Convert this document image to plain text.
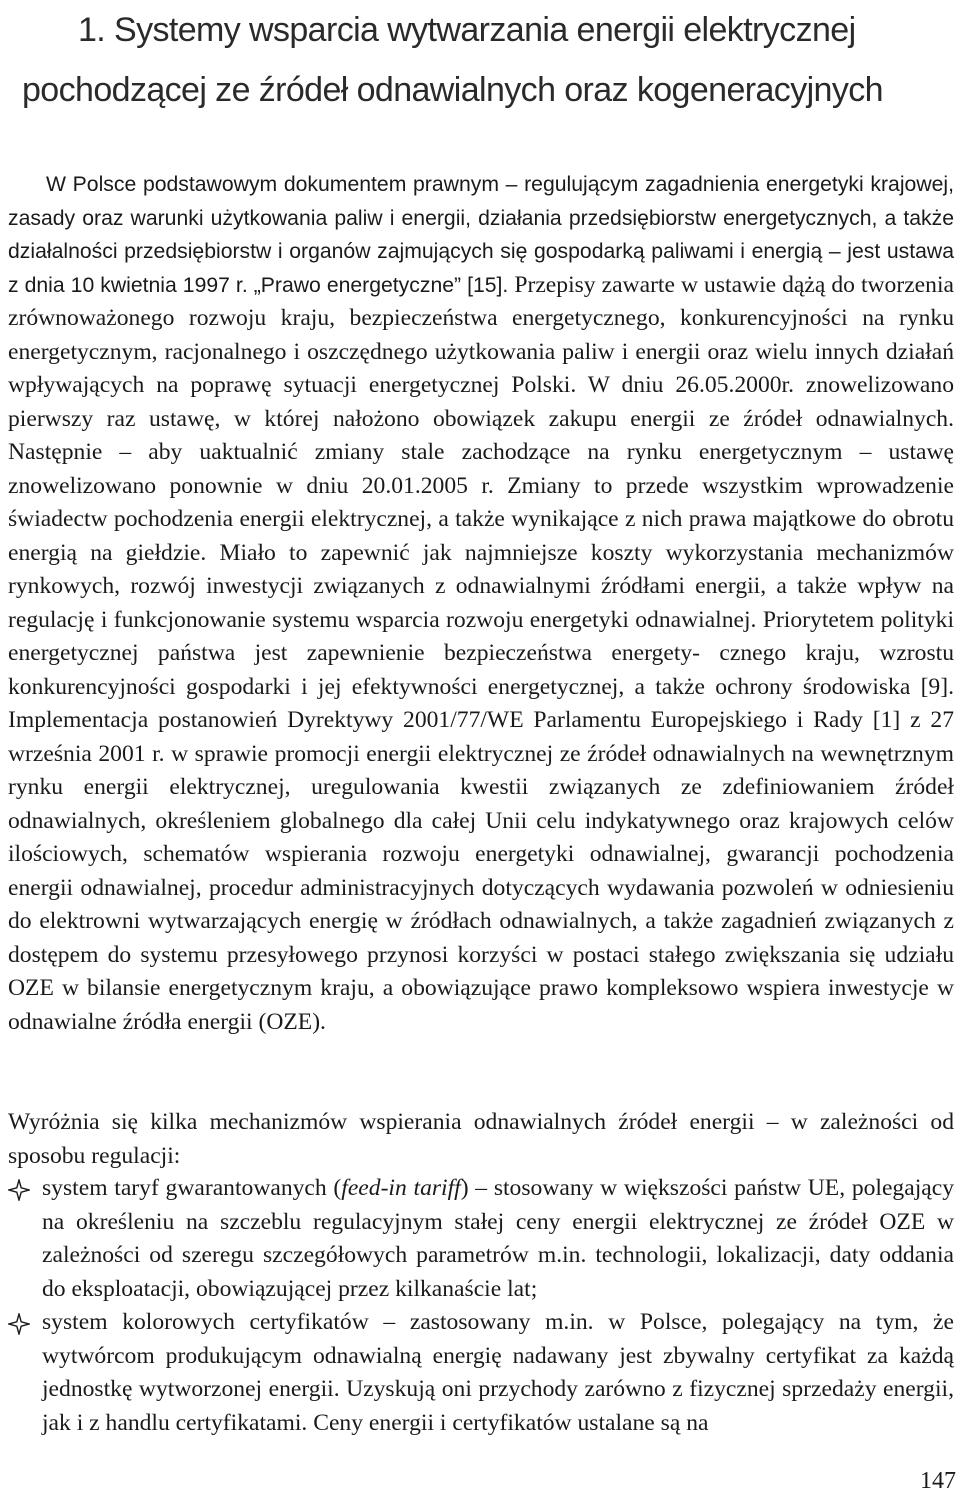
1. Systemy wsparcia wytwarzania energii elektrycznej
pochodzącej ze źródeł odnawialnych oraz kogeneracyjnych

W Polsce podstawowym dokumentem prawnym – regulującym zagadnienia energetyki krajowej, zasady oraz warunki użytkowania paliw i energii, działania przedsiębiorstw energetycznych, a także działalności przedsiębiorstw i organów zajmujących się gospodarką paliwami i energią – jest ustawa z dnia 10 kwietnia 1997 r. „Prawo energetyczne” [15]. Przepisy zawarte w ustawie dążą do tworzenia zrównoważonego rozwoju kraju, bezpieczeństwa energetycznego, konkurencyjności na rynku energetycznym, racjonalnego i oszczędnego użytkowania paliw i energii oraz wielu innych działań wpływających na poprawę sytuacji energetycznej Polski. W dniu 26.05.2000r. znowelizowano pierwszy raz ustawę, w której nałożono obowiązek zakupu energii ze źródeł odnawialnych. Następnie – aby uaktualnić zmiany stale zachodzące na rynku energetycznym – ustawę znowelizowano ponownie w dniu 20.01.2005 r. Zmiany to przede wszystkim wprowadzenie świadectw pochodzenia energii elektrycznej, a także wynikające z nich prawa majątkowe do obrotu energią na giełdzie. Miało to zapewnić jak najmniejsze koszty wykorzystania mechanizmów rynkowych, rozwój inwestycji związanych z odnawialnymi źródłami energii, a także wpływ na regulację i funkcjonowanie systemu wsparcia rozwoju energetyki odnawialnej. Priorytetem polityki energetycznej państwa jest zapewnienie bezpieczeństwa energety- cznego kraju, wzrostu konkurencyjności gospodarki i jej efektywności energetycznej, a także ochrony środowiska [9]. Implementacja postanowień Dyrektywy 2001/77/WE Parlamentu Europejskiego i Rady [1] z 27 września 2001 r. w sprawie promocji energii elektrycznej ze źródeł odnawialnych na wewnętrznym rynku energii elektrycznej, uregulowania kwestii związanych ze zdefiniowaniem źródeł odnawialnych, określeniem globalnego dla całej Unii celu indykatywnego oraz krajowych celów ilościowych, schematów wspierania rozwoju energetyki odnawialnej, gwarancji pochodzenia energii odnawialnej, procedur administracyjnych dotyczących wydawania pozwoleń w odniesieniu do elektrowni wytwarzających energię w źródłach odnawialnych, a także zagadnień związanych z dostępem do systemu przesyłowego przynosi korzyści w postaci stałego zwiększania się udziału OZE w bilansie energetycznym kraju, a obowiązujące prawo kompleksowo wspiera inwestycje w odnawialne źródła energii (OZE).

Wyróżnia się kilka mechanizmów wspierania odnawialnych źródeł energii – w zależności od sposobu regulacji:

system taryf gwarantowanych (feed-in tariff) – stosowany w większości państw UE, polegający na określeniu na szczeblu regulacyjnym stałej ceny energii elektrycznej ze źródeł OZE w zależności od szeregu szczegółowych parametrów m.in. technologii, lokalizacji, daty oddania do eksploatacji, obowiązującej przez kilkanaście lat;
system kolorowych certyfikatów – zastosowany m.in. w Polsce, polegający na tym, że wytwórcom produkującym odnawialną energię nadawany jest zbywalny certyfikat za każdą jednostkę wytworzonej energii. Uzyskują oni przychody zarówno z fizycznej sprzedaży energii, jak i z handlu certyfikatami. Ceny energii i certyfikatów ustalane są na
147
